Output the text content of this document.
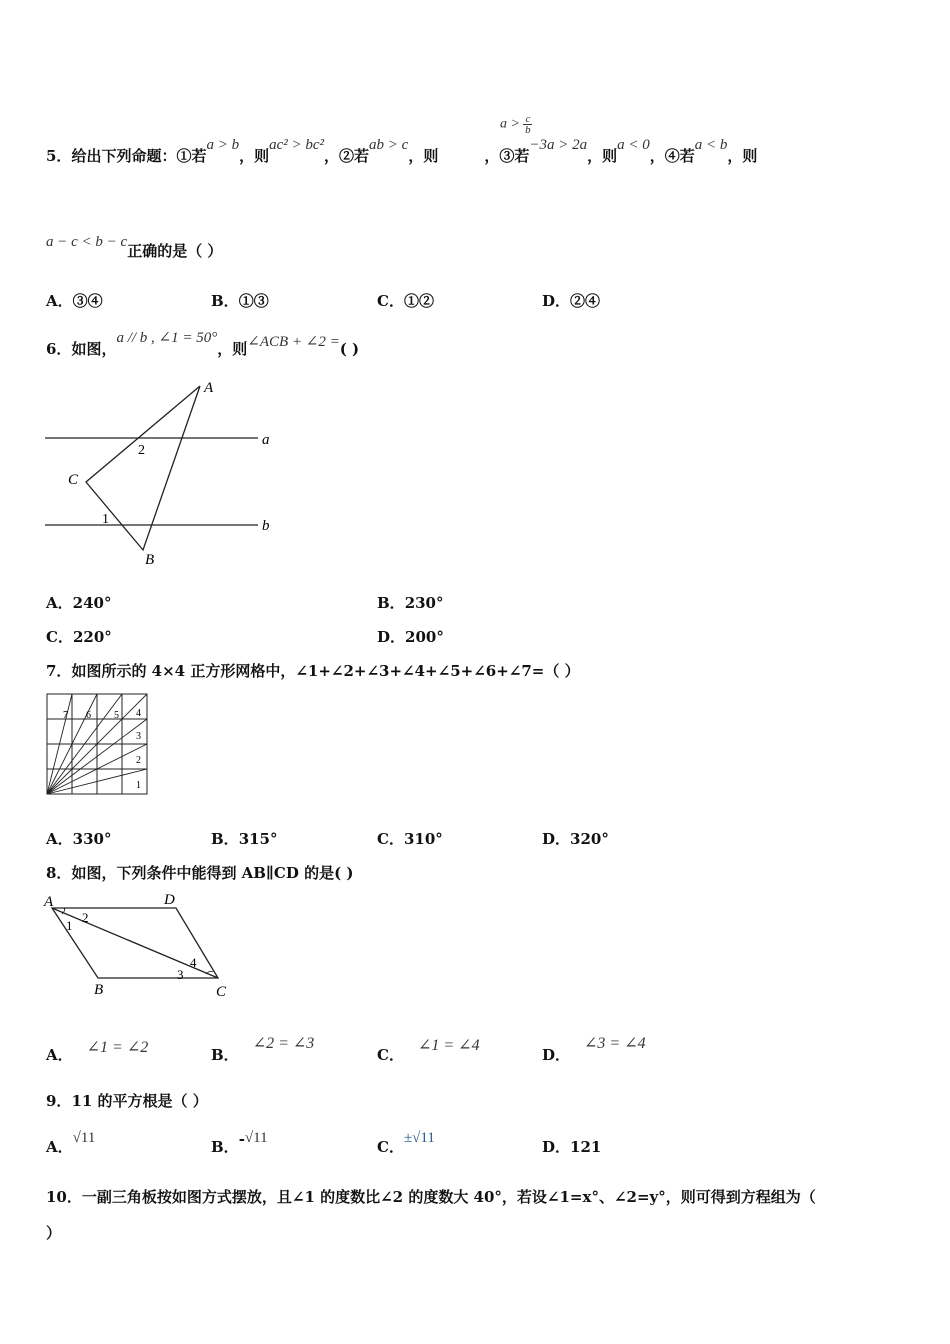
5．给出下列命题：①若a > b，则ac² > bc²，②若ab > c，则	，③若−3a > 2a，则a < 0，④若a < b，则
$a > \frac{c}{b}$
a − c < b − c正确的是（ ）
A．③④	B．①③	C．①②	D．②④
6．如图，a // b , ∠1 = 50°，则∠ACB + ∠2 =( )
A
B
C
a
b
1
2
A．240°	B．230°
C．220°	D．200°
7．如图所示的 4×4 正方形网格中，∠1+∠2+∠3+∠4+∠5+∠6+∠7=（ ）
1
2
3
4
5
6
7
A．330°	B．315°	C．310°	D．320°
8．如图，下列条件中能得到 AB∥CD 的是( )
A	D
B	C
1
2
3
4
A． ∠1 = ∠2	B．∠2 = ∠3
C．∠1 = ∠4
D．∠3 = ∠4
9．11 的平方根是（ ）
A．√11	B．-√11	C．±√11	D．121
10．一副三角板按如图方式摆放，且∠1 的度数比∠2 的度数大 40°，若设∠1=x°、∠2=y°，则可得到方程组为（
）
